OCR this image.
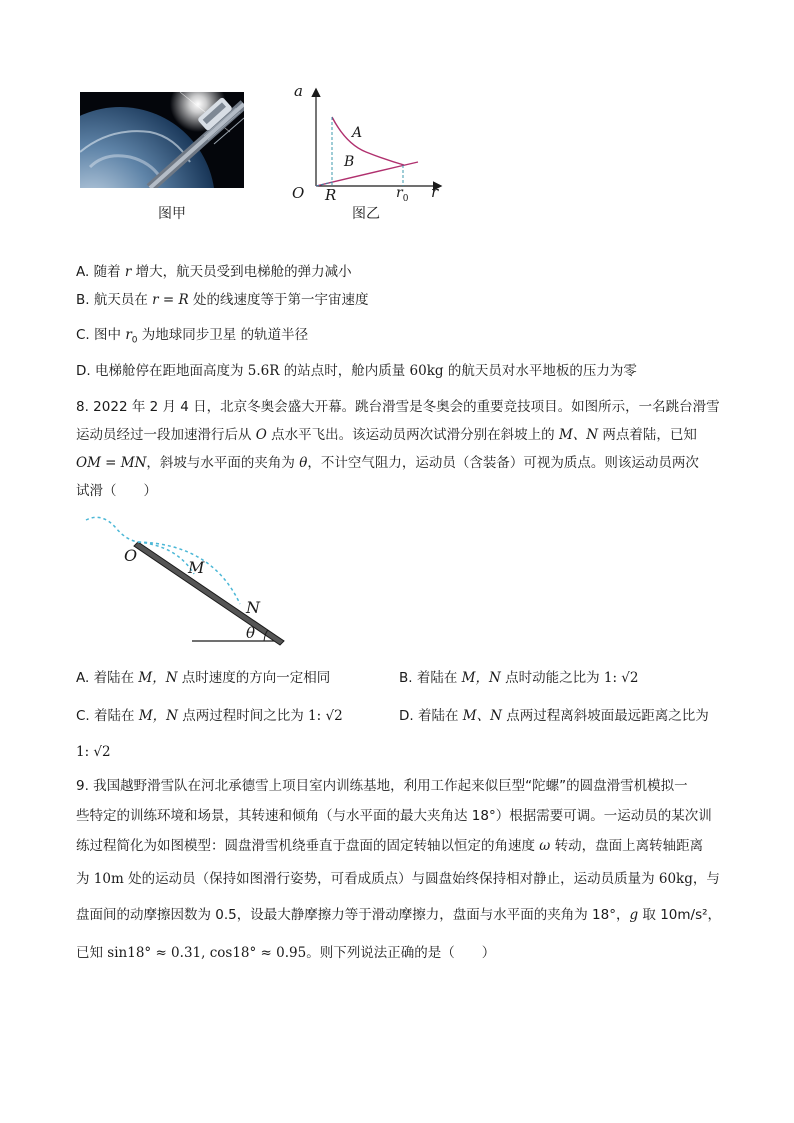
图甲
a
r
O R	$r_0$
A
B
图乙
A. 随着 r 增大，航天员受到电梯舱的弹力减小
B. 航天员在 r = R 处的线速度等于第一宇宙速度
C. 图中 $r_0$ 为地球同步卫星 的轨道半径
D. 电梯舱停在距地面高度为 5.6R 的站点时，舱内质量 60kg 的航天员对水平地板的压力为零
8. 2022 年 2 月 4 日，北京冬奥会盛大开幕。跳台滑雪是冬奥会的重要竞技项目。如图所示，一名跳台滑雪
运动员经过一段加速滑行后从 O 点水平飞出。该运动员两次试滑分别在斜坡上的 M、N 两点着陆，已知
OM = MN，斜坡与水平面的夹角为 θ，不计空气阻力，运动员（含装备）可视为质点。则该运动员两次
试滑（　　）
O
M
N
θ
A. 着陆在 M，N 点时速度的方向一定相同	B. 着陆在 M，N 点时动能之比为 1: √2
C. 着陆在 M，N 点两过程时间之比为 1: √2	D. 着陆在 M、N 点两过程离斜坡面最远距离之比为
1: √2
9. 我国越野滑雪队在河北承德雪上项目室内训练基地，利用工作起来似巨型“陀螺”的圆盘滑雪机模拟一
些特定的训练环境和场景，其转速和倾角（与水平面的最大夹角达 18°）根据需要可调。一运动员的某次训
练过程简化为如图模型：圆盘滑雪机绕垂直于盘面的固定转轴以恒定的角速度 ω 转动，盘面上离转轴距离
为 10m 处的运动员（保持如图滑行姿势，可看成质点）与圆盘始终保持相对静止，运动员质量为 60kg，与
盘面间的动摩擦因数为 0.5，设最大静摩擦力等于滑动摩擦力，盘面与水平面的夹角为 18°，g 取 10m/s²，
已知 sin18° ≈ 0.31, cos18° ≈ 0.95。则下列说法正确的是（　　）
